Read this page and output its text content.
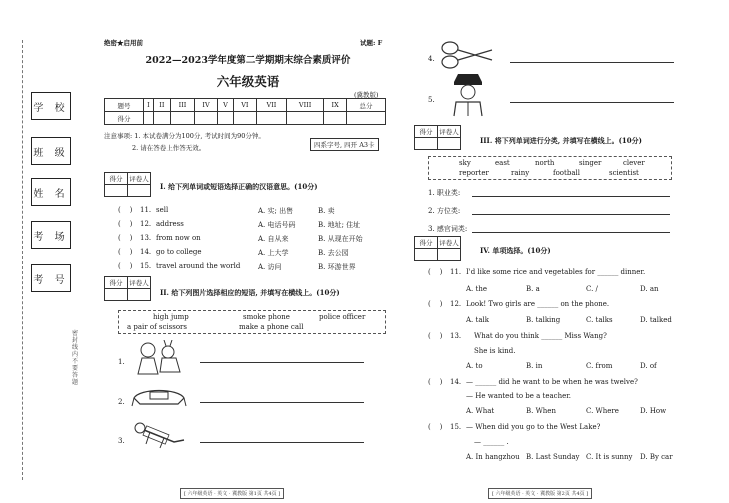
学 校
班 级
姓 名
考 场
考 号
密封线内不要答题
绝密★启用前	试题: F
2022—2023学年度第二学期期末综合素质评价
六年级英语
(冀教版)
题号	I	II	III	IV	V	VI	VII	VIII	IX	总分
得分										
注意事项: 1. 本试卷满分为100分, 考试时间为90分钟。
2. 请在答卷上作答无效。	四系字号, 四开 A3卡
得分	评卷人

I. 给下列单词或短语选择正确的汉语意思。(10分)
(    ) 11. sell	A. 实; 出售	B. 卖
(    ) 12. address	A. 电话号码	B. 地址; 住址
(    ) 13. from now on	A. 自从来	B. 从现在开始
(    ) 14. go to college	A. 上大学	B. 去公园
(    ) 15. travel around the world	A. 访问	B. 环游世界
得分	评卷人

II. 给下列图片选择相应的短语, 并填写在横线上。(10分)
high jump	smoke phone	police officer
a pair of scissors	make a phone call
1.
2.
3.
[ 六年级英语 · 英文 · 冀教版 第1页 共4页 ]
4.
5.
得分	评卷人

III. 将下列单词进行分类, 并填写在横线上。(10分)
sky	east	north	singer	clever
reporter	rainy	football	scientist
1. 职业类:
2. 方位类:
3. 感官词类:
得分	评卷人

IV. 单项选择。(10分)
(    ) 11. I'd like some rice and vegetables for ______ dinner.
A. the	B. a	C. /	D. an
(    ) 12. Look! Two girls are ______ on the phone.
A. talk	B. talking	C. talks	D. talked
(    ) 13. What do you think ______ Miss Wang?
She is kind.
A. to	B. in	C. from	D. of
(    ) 14. — ______ did he want to be when he was twelve?
— He wanted to be a teacher.
A. What	B. When	C. Where	D. How
(    ) 15. — When did you go to the West Lake?
— ______ .
A. In hangzhou B. Last Sunday C. It is sunny D. By car
[ 六年级英语 · 英文 · 冀教版 第2页 共4页 ]
